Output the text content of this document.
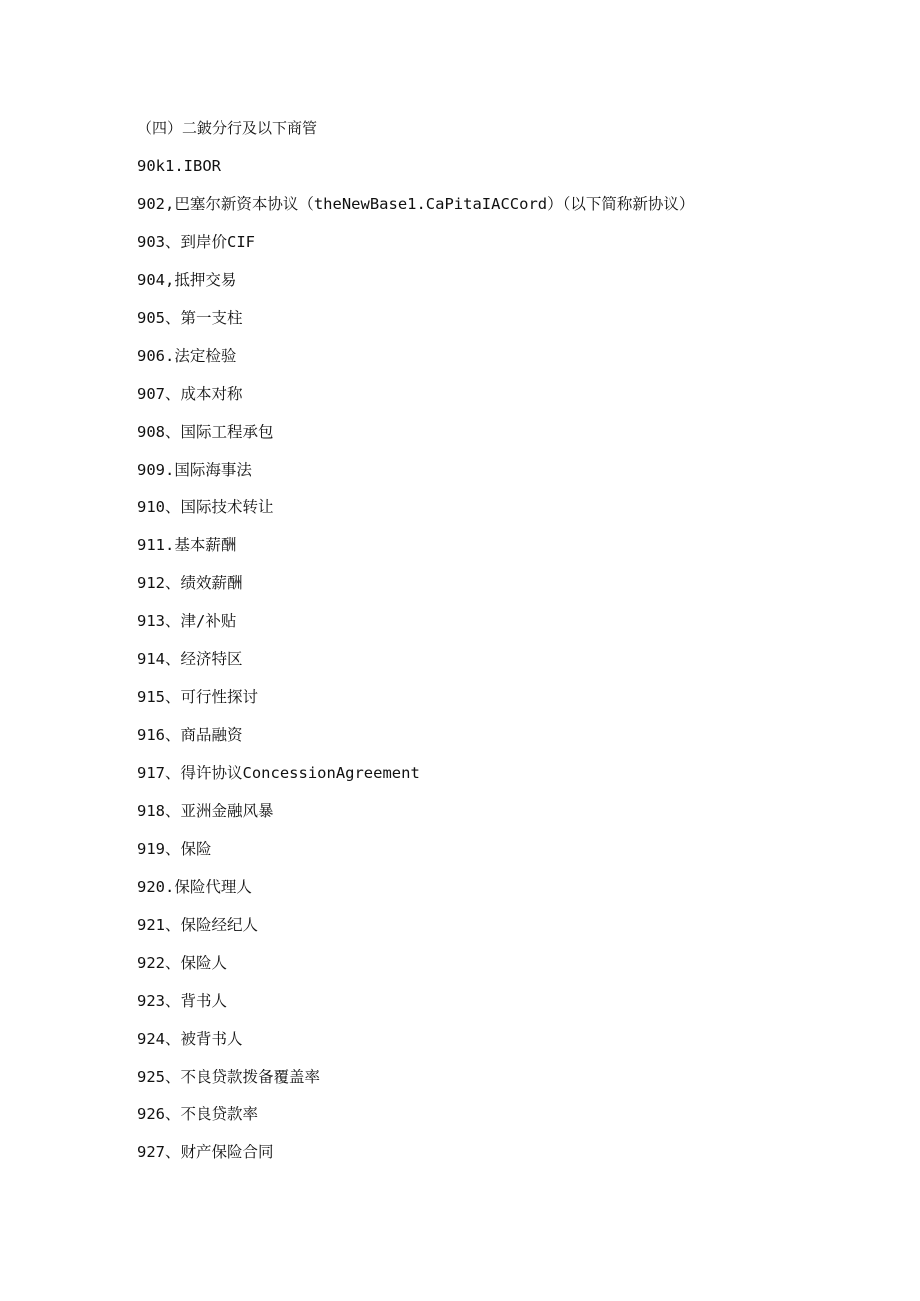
（四）二鈹分行及以下商管
90k1.IBOR
902,巴塞尔新资本协议（theNewBase1.CaPitaIACCord）（以下简称新协议）
903、到岸价CIF
904,抵押交易
905、第一支柱
906.法定检验
907、成本对称
908、国际工程承包
909.国际海事法
910、国际技术转让
911.基本薪酬
912、绩效薪酬
913、津/补贴
914、经济特区
915、可行性探讨
916、商品融资
917、得许协议ConcessionAgreement
918、亚洲金融风暴
919、保险
920.保险代理人
921、保险经纪人
922、保险人
923、背书人
924、被背书人
925、不良贷款拨备覆盖率
926、不良贷款率
927、财产保险合同
